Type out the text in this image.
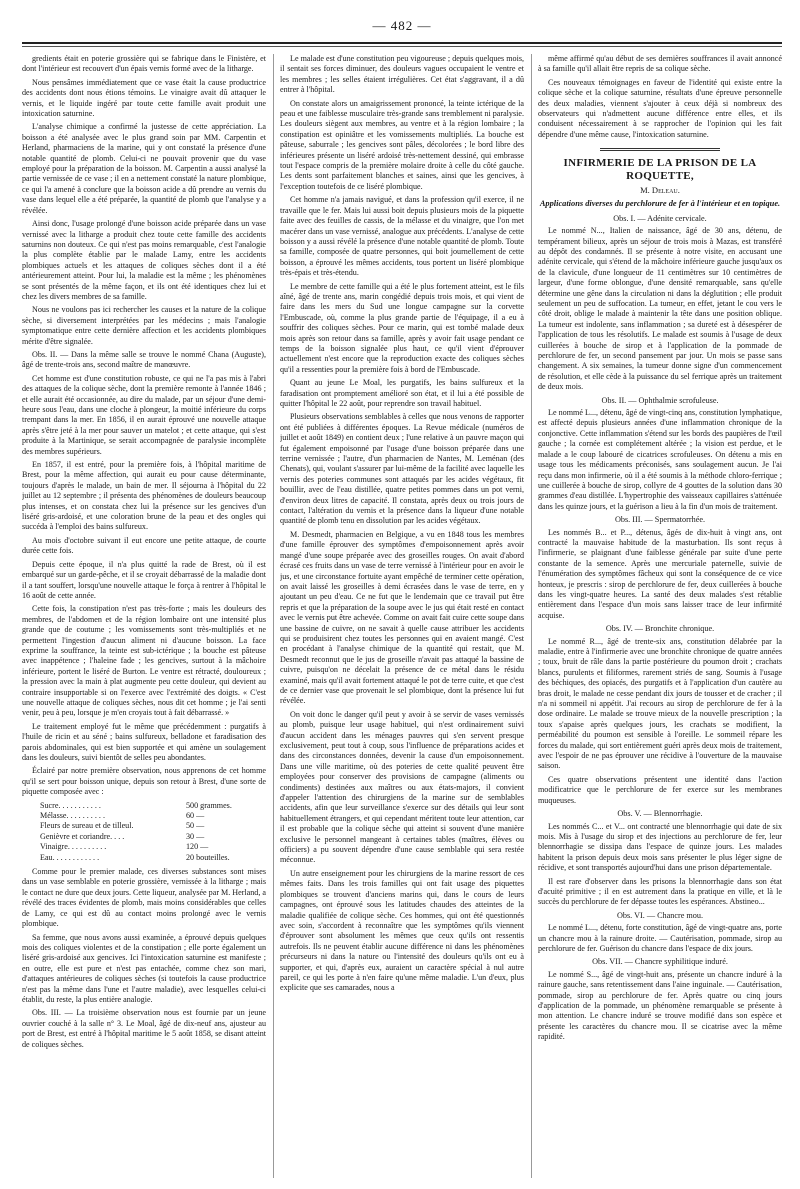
— 482 —

gredients était en poterie grossière qui se fabrique dans le Finistère, et dont l'intérieur est recouvert d'un épais vernis formé avec de la litharge.

Nous pensâmes immédiatement que ce vase était la cause productrice des accidents dont nous étions témoins. Le vinaigre avait dû attaquer le vernis, et le liquide ingéré par toute cette famille avait produit une intoxication saturnine.

L'analyse chimique a confirmé la justesse de cette appréciation. La boisson a été analysée avec le plus grand soin par MM. Carpentin et Herland, pharmaciens de la marine, qui y ont constaté la présence d'une notable quantité de plomb. Celui-ci ne pouvait provenir que du vase employé pour la préparation de la boisson. M. Carpentin a aussi analysé la partie vernissée de ce vase ; il en a nettement constaté la nature plombique, ce qui l'a amené à conclure que la boisson acide a dû prendre au vernis du vase dans lequel elle a été préparée, la quantité de plomb que l'analyse y a révélée.

Ainsi donc, l'usage prolongé d'une boisson acide préparée dans un vase vernissé avec la litharge a produit chez toute cette famille des accidents saturnins non douteux. Ce qui n'est pas moins remarquable, c'est l'analogie la plus complète établie par le malade Lamy, entre les accidents plombiques actuels et les attaques de coliques sèches dont il a été antérieurement atteint. Pour lui, la maladie est la même ; les phénomènes se sont présentés de la même façon, et ils ont été identiques chez lui et chez les divers membres de sa famille.

Nous ne voulons pas ici rechercher les causes et la nature de la colique sèche, si diversement interprétées par les médecins ; mais l'analogie symptomatique entre cette dernière affection et les accidents plombiques mérite d'être signalée.

Obs. II. — Dans la même salle se trouve le nommé Chana (Auguste), âgé de trente-trois ans, second maître de manœuvre.

Cet homme est d'une constitution robuste, ce qui ne l'a pas mis à l'abri des attaques de la colique sèche, dont la première remonte à l'année 1846 ; et elle aurait été occasionnée, au dire du malade, par un séjour d'une demi-heure sous l'eau, dans une cloche à plongeur, la moitié inférieure du corps trempant dans la mer. En 1856, il en aurait éprouvé une nouvelle attaque après s'être jeté à la mer pour sauver un matelot ; et cette attaque, qui s'est produite à la Martinique, se serait accompagnée de paralysie incomplète des membres supérieurs.

En 1857, il est entré, pour la première fois, à l'hôpital maritime de Brest, pour la même affection, qui aurait eu pour cause déterminante, toujours d'après le malade, un bain de mer. Il séjourna à l'hôpital du 22 juillet au 12 septembre ; il présenta des phénomènes de douleurs beaucoup plus intenses, et on constata chez lui la présence sur les gencives d'un liséré gris-ardoisé, et une coloration brune de la peau et des ongles qui succéda à l'emploi des bains sulfureux.

Au mois d'octobre suivant il eut encore une petite attaque, de courte durée cette fois.

Depuis cette époque, il n'a plus quitté la rade de Brest, où il est embarqué sur un garde-pêche, et il se croyait débarrassé de la maladie dont il a tant souffert, lorsqu'une nouvelle attaque le força à rentrer à l'hôpital le 16 août de cette année.

Cette fois, la constipation n'est pas très-forte ; mais les douleurs des membres, de l'abdomen et de la région lombaire ont une intensité plus grande que de coutume ; les vomissements sont très-multipliés et ne permettent l'ingestion d'aucun aliment ni d'aucune boisson. La face exprime la souffrance, la teinte est sub-ictérique ; la bouche est pâteuse avec inappétence ; l'haleine fade ; les gencives, surtout à la mâchoire inférieure, portent le liséré de Burton. Le ventre est rétracté, douloureux ; la pression avec la main à plat augmente peu cette douleur, qui devient au contraire insupportable si on l'exerce avec l'extrémité des doigts. « C'est une nouvelle attaque de coliques sèches, nous dit cet homme ; je l'ai senti venir, peu à peu, lorsque je m'en croyais tout à fait débarrassé. »

Le traitement employé fut le même que précédemment : purgatifs à l'huile de ricin et au séné ; bains sulfureux, belladone et faradisation des parois abdominales, qui est bien supportée et qui amène un soulagement dans les douleurs, suivi bientôt de selles peu abondantes.

Éclairé par notre première observation, nous apprenons de cet homme qu'il se sert pour boisson unique, depuis son retour à Brest, d'une sorte de piquette composée avec :

Sucre. . . . . . . . . . .	500 grammes.
Mélasse. . . . . . . . . .	60 —
Fleurs de sureau et de tilleul.	50 —
Genièvre et coriandre. . . .	30 —
Vinaigre. . . . . . . . . .	120 —
Eau. . . . . . . . . . . .	20 bouteilles.

Comme pour le premier malade, ces diverses substances sont mises dans un vase semblable en poterie grossière, vernissée à la litharge ; mais le contact ne dure que deux jours. Cette liqueur, analysée par M. Herland, a révélé des traces évidentes de plomb, mais moins considérables que celles de Lamy, ce qui est dû au contact moins prolongé avec le vernis plombique.

Sa femme, que nous avons aussi examinée, a éprouvé depuis quelques mois des coliques violentes et de la constipation ; elle porte également un liséré gris-ardoisé aux gencives. Ici l'intoxication saturnine est manifeste ; en outre, elle est pure et n'est pas entachée, comme chez son mari, d'attaques antérieures de coliques sèches (si toutefois la cause productrice n'est pas la même dans l'une et l'autre maladie), avec lesquelles celui-ci établit, du reste, la plus entière analogie.

Obs. III. — La troisième observation nous est fournie par un jeune ouvrier couché à la salle n° 3. Le Moal, âgé de dix-neuf ans, ajusteur au port de Brest, est entré à l'hôpital maritime le 5 août 1858, se disant atteint de coliques sèches.

Le malade est d'une constitution peu vigoureuse ; depuis quelques mois, il sentait ses forces diminuer, des douleurs vagues occupaient le ventre et les membres ; les selles étaient irrégulières. Cet état s'aggravant, il a dû entrer à l'hôpital.

On constate alors un amaigrissement prononcé, la teinte ictérique de la peau et une faiblesse musculaire très-grande sans tremblement ni paralysie. Les douleurs siègent aux membres, au ventre et à la région lombaire ; la constipation est opiniâtre et les vomissements multipliés. La bouche est pâteuse, saburrale ; les gencives sont pâles, décolorées ; le bord libre des inférieures présente un liséré ardoisé très-nettement dessiné, qui embrasse tout l'espace compris de la première molaire droite à celle du côté gauche. Les dents sont parfaitement blanches et saines, ainsi que les gencives, à l'exception toutefois de ce liséré plombique.

Cet homme n'a jamais navigué, et dans la profession qu'il exerce, il ne travaille que le fer. Mais lui aussi boit depuis plusieurs mois de la piquette faite avec des feuilles de cassis, de la mélasse et du vinaigre, que l'on met macérer dans un vase vernissé, analogue aux précédents. L'analyse de cette boisson y a aussi révélé la présence d'une notable quantité de plomb. Toute sa famille, composée de quatre personnes, qui boit journellement de cette boisson, a éprouvé les mêmes accidents, tous portent un liséré plombique très-épais et très-étendu.

Le membre de cette famille qui a été le plus fortement atteint, est le fils aîné, âgé de trente ans, marin congédié depuis trois mois, et qui vient de faire dans les mers du Sud une longue campagne sur la corvette l'Embuscade, où, comme la plus grande partie de l'équipage, il a eu à souffrir des coliques sèches. Pour ce marin, qui est tombé malade deux mois après son retour dans sa famille, après y avoir fait usage pendant ce temps de la boisson signalée plus haut, ce qu'il vient d'éprouver actuellement n'est encore que la reproduction exacte des coliques sèches qu'il a ressenties pour la première fois à bord de l'Embuscade.

Quant au jeune Le Moal, les purgatifs, les bains sulfureux et la faradisation ont promptement amélioré son état, et il lui a été possible de quitter l'hôpital le 22 août, pour reprendre son travail habituel.

Plusieurs observations semblables à celles que nous venons de rapporter ont été publiées à différentes époques. La Revue médicale (numéros de juillet et août 1849) en contient deux ; l'une relative à un pauvre maçon qui fut également empoisonné par l'usage d'une boisson préparée dans une terrine vernissée ; l'autre, d'un pharmacien de Nantes, M. Leménan (des Chenats), qui, voulant s'assurer par lui-même de la facilité avec laquelle les vernis des poteries communes sont attaqués par les acides végétaux, fit bouillir, avec de l'eau distillée, quatre petites pommes dans un pot verni, d'environ deux litres de capacité. Il constata, après deux ou trois jours de contact, l'altération du vernis et la présence dans la liqueur d'une notable quantité de plomb tenu en dissolution par les acides végétaux.

M. Desmedt, pharmacien en Belgique, a vu en 1848 tous les membres d'une famille éprouver des symptômes d'empoisonnement après avoir mangé d'une soupe préparée avec des groseilles rouges. On avait d'abord écrasé ces fruits dans un vase de terre vernissé à l'intérieur pour en avoir le jus, et une circonstance fortuite ayant empêché de terminer cette opération, on avait laissé les groseilles à demi écrasées dans le vase de terre, en y ajoutant un peu d'eau. Ce ne fut que le lendemain que ce travail put être repris et que la préparation de la soupe avec le jus qui était resté en contact avec le vernis put être achevée. Comme on avait fait cuire cette soupe dans une bassine de cuivre, on ne savait à quelle cause attribuer les accidents qui se produisirent chez toutes les personnes qui en avaient mangé. C'est en procédant à l'analyse chimique de la quantité qui restait, que M. Desmedt reconnut que le jus de groseille n'avait pas attaqué la bassine de cuivre, puisqu'on ne décelait la présence de ce métal dans le résidu examiné, mais qu'il avait fortement attaqué le pot de terre cuite, et que c'est de ce dernier vase que provenait le sel plombique, dont la présence lui fut révélée.

On voit donc le danger qu'il peut y avoir à se servir de vases vernissés au plomb, puisque leur usage habituel, qui n'est ordinairement suivi d'aucun accident dans les ménages pauvres qui s'en servent presque exclusivement, peut tout à coup, sous l'influence de préparations acides et dans des circonstances données, devenir la cause d'un empoisonnement. Dans une ville maritime, où des poteries de cette qualité peuvent être employées pour conserver des provisions de campagne (aliments ou condiments) destinées aux maîtres ou aux états-majors, il convient d'appeler l'attention des chirurgiens de la marine sur de semblables accidents, afin que leur surveillance s'exerce sur des détails qui leur sont habituellement étrangers, et qui cependant méritent toute leur attention, car il est probable que la colique sèche qui atteint si souvent d'une manière exclusive le personnel mangeant à certaines tables (maîtres, élèves ou officiers) a pu souvent dépendre d'une cause semblable qui sera restée méconnue.

Un autre enseignement pour les chirurgiens de la marine ressort de ces mêmes faits. Dans les trois familles qui ont fait usage des piquettes plombiques se trouvent d'anciens marins qui, dans le cours de leurs campagnes, ont éprouvé sous les latitudes chaudes des atteintes de la maladie qualifiée de colique sèche. Ces hommes, qui ont été questionnés avec soin, s'accordent à reconnaître que les symptômes qu'ils viennent d'éprouver sont absolument les mêmes que ceux qu'ils ont ressentis autrefois. Ils ne peuvent établir aucune différence ni dans les phénomènes précurseurs ni dans la nature ou l'intensité des douleurs qu'ils ont eu à supporter, et qui, d'après eux, auraient un caractère spécial à nul autre pareil, ce qui les porte à n'en faire qu'une même maladie. L'un d'eux, plus explicite que ses camarades, nous a

même affirmé qu'au début de ses dernières souffrances il avait annoncé à sa famille qu'il allait être repris de sa colique sèche.

Ces nouveaux témoignages en faveur de l'identité qui existe entre la colique sèche et la colique saturnine, résultats d'une épreuve personnelle des deux maladies, viennent s'ajouter à ceux déjà si nombreux des observateurs qui n'admettent aucune différence entre elles, et ils conduisent nécessairement à se rapprocher de l'opinion qui les fait dépendre d'une même cause, l'intoxication saturnine.

INFIRMERIE DE LA PRISON DE LA ROQUETTE,
M. Deleau.
Applications diverses du perchlorure de fer à l'intérieur et en topique.
Obs. I. — Adénite cervicale.

Le nommé N..., Italien de naissance, âgé de 30 ans, détenu, de tempérament bilieux, après un séjour de trois mois à Mazas, est transféré au dépôt des condamnés. Il se présente à notre visite, en accusant une adénite cervicale, qui s'étend de la mâchoire inférieure gauche jusqu'aux os de la clavicule, d'une longueur de 11 centimètres sur 10 centimètres de largeur, d'une forme oblongue, d'une densité remarquable, sans qu'elle détermine une gêne dans la circulation ni dans la déglutition ; elle produit seulement un peu de suffocation. La tumeur, en effet, jetant le cou vers le côté droit, oblige le malade à maintenir la tête dans une position oblique. La tumeur est indolente, sans inflammation ; sa dureté est à désespérer de l'application de tous les résolutifs. Le malade est soumis à l'usage de deux cuillerées à bouche de sirop et à l'application de la pommade de perchlorure de fer, un second pansement par jour. Un mois se passe sans changement. A six semaines, la tumeur donne signe d'un commencement de résolution, et elle cède à la puissance du sel ferrique après un traitement de deux mois.

Obs. II. — Ophthalmie scrofuleuse.

Le nommé L..., détenu, âgé de vingt-cinq ans, constitution lymphatique, est affecté depuis plusieurs années d'une inflammation chronique de la conjonctive. Cette inflammation s'étend sur les bords des paupières de l'œil gauche ; la cornée est complétement altérée ; la vision est perdue, et le malade a le coup labouré de cicatrices scrofuleuses. On détenu a mis en usage tous les médicaments préconisés, sans soulagement aucun. Je l'ai reçu dans mon infirmerie, où il a été soumis à la méthode chloro-ferrique ; une cuillerée à bouche de sirop, collyre de 4 gouttes de la solution dans 30 grammes d'eau distillée. L'hypertrophie des vaisseaux capillaires s'atténuée dans les quinze jours, et la guérison a lieu à la fin d'un mois de traitement.

Obs. III. — Spermatorrhée.

Les nommés B... et P..., détenus, âgés de dix-huit à vingt ans, ont contracté la mauvaise habitude de la masturbation. Ils sont reçus à l'infirmerie, se plaignant d'une faiblesse générale par suite d'une perte constante de la semence. Après une mercuriale paternelle, suivie de l'énumération des symptômes fâcheux qui sont la conséquence de ce vice honteux, je prescris : sirop de perchlorure de fer, deux cuillerées à bouche dans les vingt-quatre heures. La santé des deux malades s'est rétablie entièrement dans l'espace d'un mois sans laisser trace de leur infirmité acquise.

Obs. IV. — Bronchite chronique.

Le nommé R..., âgé de trente-six ans, constitution délabrée par la maladie, entre à l'infirmerie avec une bronchite chronique de quatre années ; toux, bruit de râle dans la partie postérieure du poumon droit ; crachats blancs, purulents et filiformes, rarement striés de sang. Soumis à l'usage des béchiques, des opiacés, des purgatifs et à l'application d'un cautère au bras droit, le malade ne cesse pendant dix jours de tousser et de cracher ; il n'a ni sommeil ni appétit. J'ai recours au sirop de perchlorure de fer à la dose ordinaire. Le malade se trouve mieux de la nouvelle prescription ; la toux s'apaise après quelques jours, les crachats se modifient, la perméabilité du poumon est sensible à l'oreille. Le sommeil répare les forces du malade, qui sort entièrement guéri après deux mois de traitement, avec l'espoir de ne pas éprouver une récidive à l'ouverture de la mauvaise saison.

Ces quatre observations présentent une identité dans l'action modificatrice que le perchlorure de fer exerce sur les membranes muqueuses.

Obs. V. — Blennorrhagie.

Les nommés C... et V... ont contracté une blennorrhagie qui date de six mois. Mis à l'usage du sirop et des injections au perchlorure de fer, leur blennorrhagie se dissipa dans l'espace de quinze jours. Les malades habitent la prison depuis deux mois sans présenter le plus léger signe de récidive, et sont transportés aujourd'hui dans une prison départementale.

Il est rare d'observer dans les prisons la blennorrhagie dans son état d'acuité primitive ; il en est autrement dans la pratique en ville, et là le succès du perchlorure de fer dépasse toutes les espérances. Abstineo...

Obs. VI. — Chancre mou.

Le nommé L..., détenu, forte constitution, âgé de vingt-quatre ans, porte un chancre mou à la rainure droite. — Cautérisation, pommade, sirop au perchlorure de fer. Guérison du chancre dans l'espace de dix jours.

Obs. VII. — Chancre syphilitique induré.

Le nommé S..., âgé de vingt-huit ans, présente un chancre induré à la rainure gauche, sans retentissement dans l'aine inguinale. — Cautérisation, pommade, sirop au perchlorure de fer. Après quatre ou cinq jours d'application de la pommade, un phénomène remarquable se présente à mon attention. Le chancre induré se trouve modifié dans son espèce et présente les caractères du chancre mou. Il se cicatrise avec la même rapidité.
